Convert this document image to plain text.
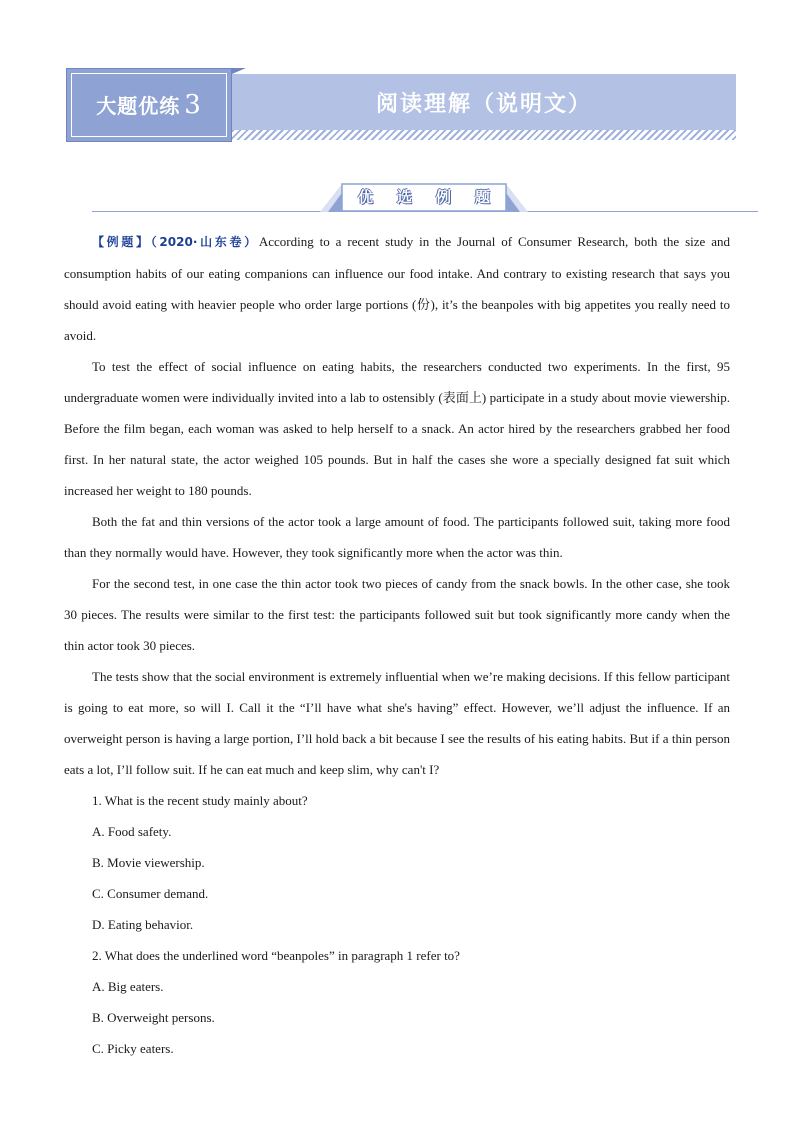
阅读理解（说明文）
大题优练 3
优	选	例	题

【例题】（2020·山东卷）According to a recent study in the Journal of Consumer Research, both the size and consumption habits of our eating companions can influence our food intake. And contrary to existing research that says you should avoid eating with heavier people who order large portions (份), it’s the beanpoles with big appetites you really need to avoid.

To test the effect of social influence on eating habits, the researchers conducted two experiments. In the first, 95 undergraduate women were individually invited into a lab to ostensibly (表面上) participate in a study about movie viewership. Before the film began, each woman was asked to help herself to a snack. An actor hired by the researchers grabbed her food first. In her natural state, the actor weighed 105 pounds. But in half the cases she wore a specially designed fat suit which increased her weight to 180 pounds.

Both the fat and thin versions of the actor took a large amount of food. The participants followed suit, taking more food than they normally would have. However, they took significantly more when the actor was thin.

For the second test, in one case the thin actor took two pieces of candy from the snack bowls. In the other case, she took 30 pieces. The results were similar to the first test: the participants followed suit but took significantly more candy when the thin actor took 30 pieces.

The tests show that the social environment is extremely influential when we’re making decisions. If this fellow participant is going to eat more, so will I. Call it the “I’ll have what she's having” effect. However, we’ll adjust the influence. If an overweight person is having a large portion, I’ll hold back a bit because I see the results of his eating habits. But if a thin person eats a lot, I’ll follow suit. If he can eat much and keep slim, why can't I?

1. What is the recent study mainly about?

A. Food safety.

B. Movie viewership.

C. Consumer demand.

D. Eating behavior.

2. What does the underlined word “beanpoles” in paragraph 1 refer to?

A. Big eaters.

B. Overweight persons.

C. Picky eaters.
